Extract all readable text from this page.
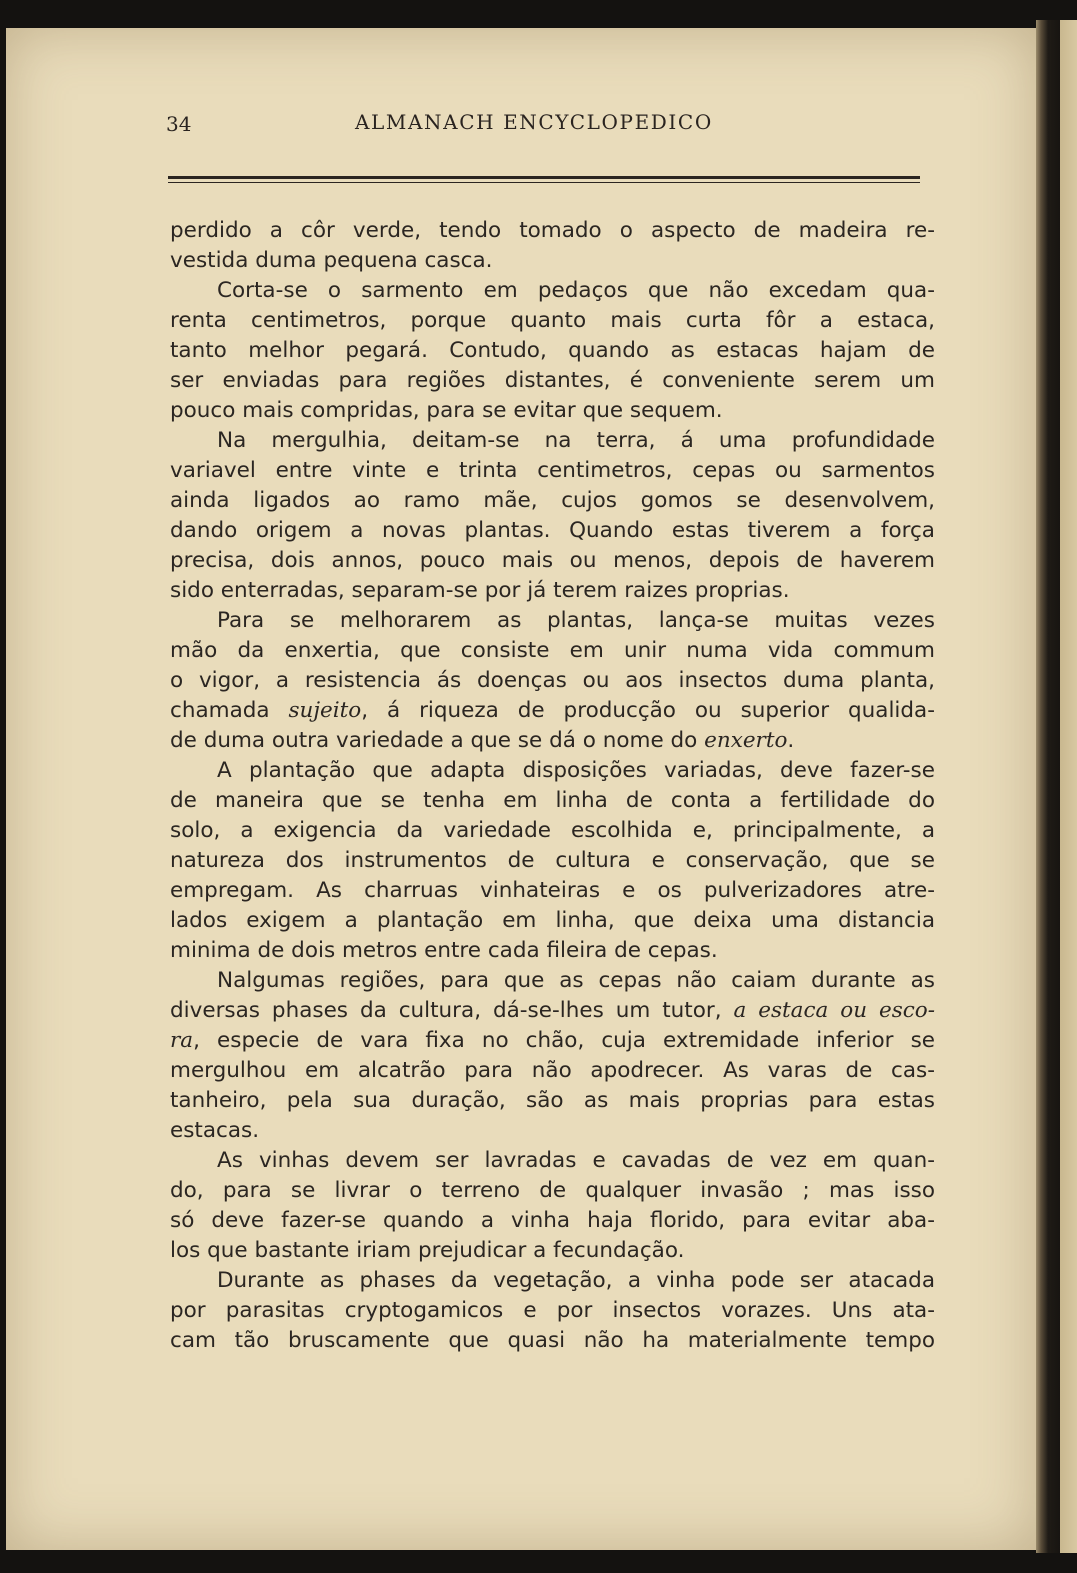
34	ALMANACH ENCYCLOPEDICO
perdido a côr verde, tendo tomado o aspecto de madeira re-
vestida duma pequena casca.
Corta-se o sarmento em pedaços que não excedam qua-
renta centimetros, porque quanto mais curta fôr a estaca,
tanto melhor pegará. Contudo, quando as estacas hajam de
ser enviadas para regiões distantes, é conveniente serem um
pouco mais compridas, para se evitar que sequem.
Na mergulhia, deitam-se na terra, á uma profundidade
variavel entre vinte e trinta centimetros, cepas ou sarmentos
ainda ligados ao ramo mãe, cujos gomos se desenvolvem,
dando origem a novas plantas. Quando estas tiverem a força
precisa, dois annos, pouco mais ou menos, depois de haverem
sido enterradas, separam-se por já terem raizes proprias.
Para se melhorarem as plantas, lança-se muitas vezes
mão da enxertia, que consiste em unir numa vida commum
o vigor, a resistencia ás doenças ou aos insectos duma planta,
chamada sujeito, á riqueza de producção ou superior qualida-
de duma outra variedade a que se dá o nome do enxerto.
A plantação que adapta disposições variadas, deve fazer-se
de maneira que se tenha em linha de conta a fertilidade do
solo, a exigencia da variedade escolhida e, principalmente, a
natureza dos instrumentos de cultura e conservação, que se
empregam. As charruas vinhateiras e os pulverizadores atre-
lados exigem a plantação em linha, que deixa uma distancia
minima de dois metros entre cada fileira de cepas.
Nalgumas regiões, para que as cepas não caiam durante as
diversas phases da cultura, dá-se-lhes um tutor, a estaca ou esco-
ra, especie de vara fixa no chão, cuja extremidade inferior se
mergulhou em alcatrão para não apodrecer. As varas de cas-
tanheiro, pela sua duração, são as mais proprias para estas
estacas.
As vinhas devem ser lavradas e cavadas de vez em quan-
do, para se livrar o terreno de qualquer invasão ; mas isso
só deve fazer-se quando a vinha haja florido, para evitar aba-
los que bastante iriam prejudicar a fecundação.
Durante as phases da vegetação, a vinha pode ser atacada
por parasitas cryptogamicos e por insectos vorazes. Uns ata-
cam tão bruscamente que quasi não ha materialmente tempo
